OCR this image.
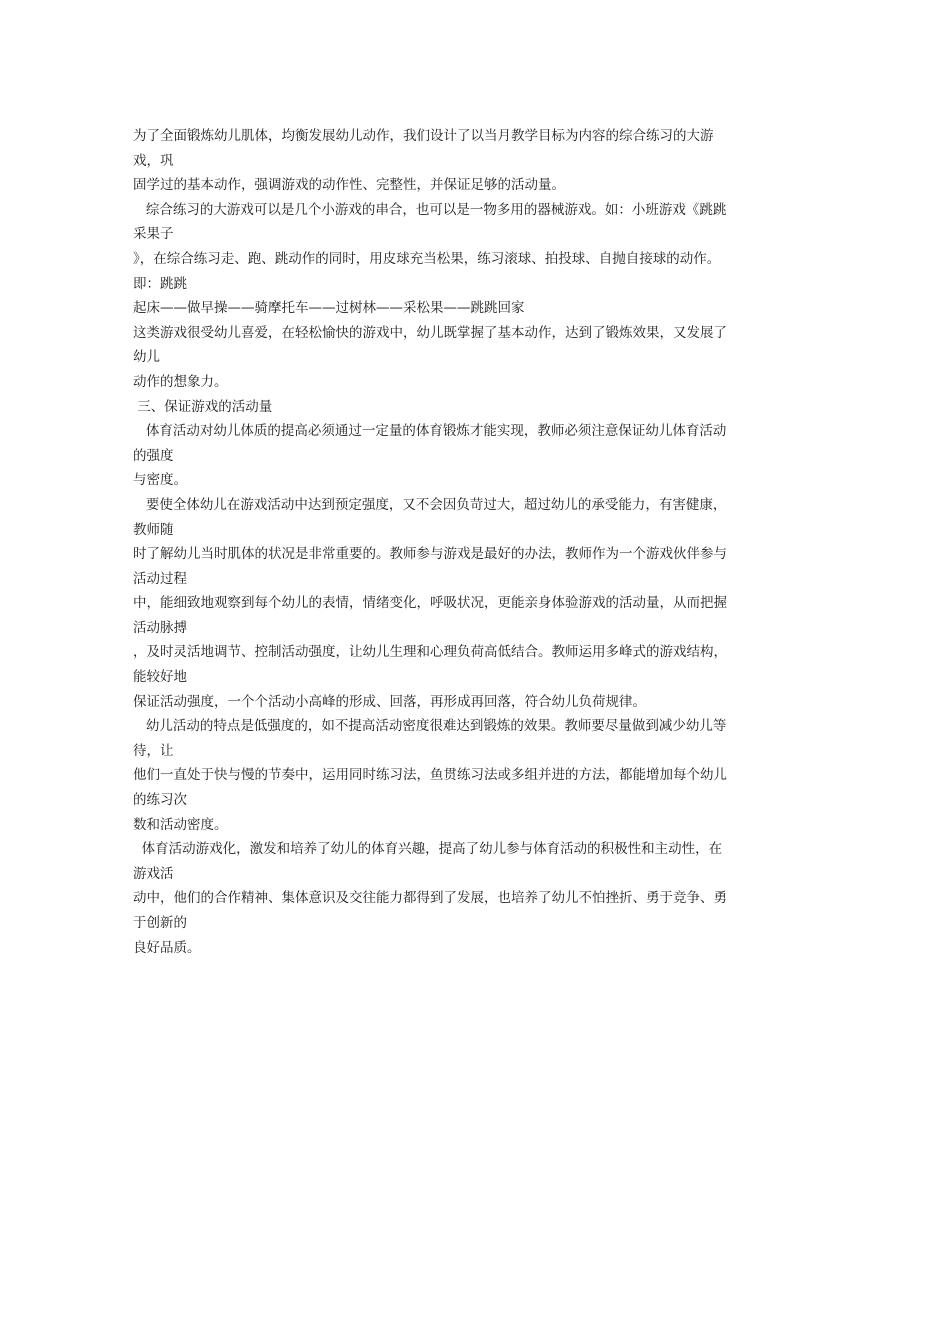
为了全面锻炼幼儿肌体，均衡发展幼儿动作，我们设计了以当月教学目标为内容的综合练习的大游
戏，巩
固学过的基本动作，强调游戏的动作性、完整性，并保证足够的活动量。
综合练习的大游戏可以是几个小游戏的串合，也可以是一物多用的器械游戏。如：小班游戏《跳跳
采果子
》，在综合练习走、跑、跳动作的同时，用皮球充当松果，练习滚球、拍投球、自抛自接球的动作。
即：跳跳
起床——做早操——骑摩托车——过树林——采松果——跳跳回家
这类游戏很受幼儿喜爱，在轻松愉快的游戏中，幼儿既掌握了基本动作，达到了锻炼效果，又发展了
幼儿
动作的想象力。
三、保证游戏的活动量
体育活动对幼儿体质的提高必须通过一定量的体育锻炼才能实现，教师必须注意保证幼儿体育活动
的强度
与密度。
要使全体幼儿在游戏活动中达到预定强度，又不会因负苛过大，超过幼儿的承受能力，有害健康，
教师随
时了解幼儿当时肌体的状况是非常重要的。教师参与游戏是最好的办法，教师作为一个游戏伙伴参与
活动过程
中，能细致地观察到每个幼儿的表情，情绪变化，呼吸状况，更能亲身体验游戏的活动量，从而把握
活动脉搏
，及时灵活地调节、控制活动强度，让幼儿生理和心理负荷高低结合。教师运用多峰式的游戏结构，
能较好地
保证活动强度，一个个活动小高峰的形成、回落，再形成再回落，符合幼儿负荷规律。
幼儿活动的特点是低强度的，如不提高活动密度很难达到锻炼的效果。教师要尽量做到减少幼儿等
待，让
他们一直处于快与慢的节奏中，运用同时练习法，鱼贯练习法或多组并进的方法，都能增加每个幼儿
的练习次
数和活动密度。
体育活动游戏化，激发和培养了幼儿的体育兴趣，提高了幼儿参与体育活动的积极性和主动性，在
游戏活
动中，他们的合作精神、集体意识及交往能力都得到了发展，也培养了幼儿不怕挫折、勇于竞争、勇
于创新的
良好品质。
